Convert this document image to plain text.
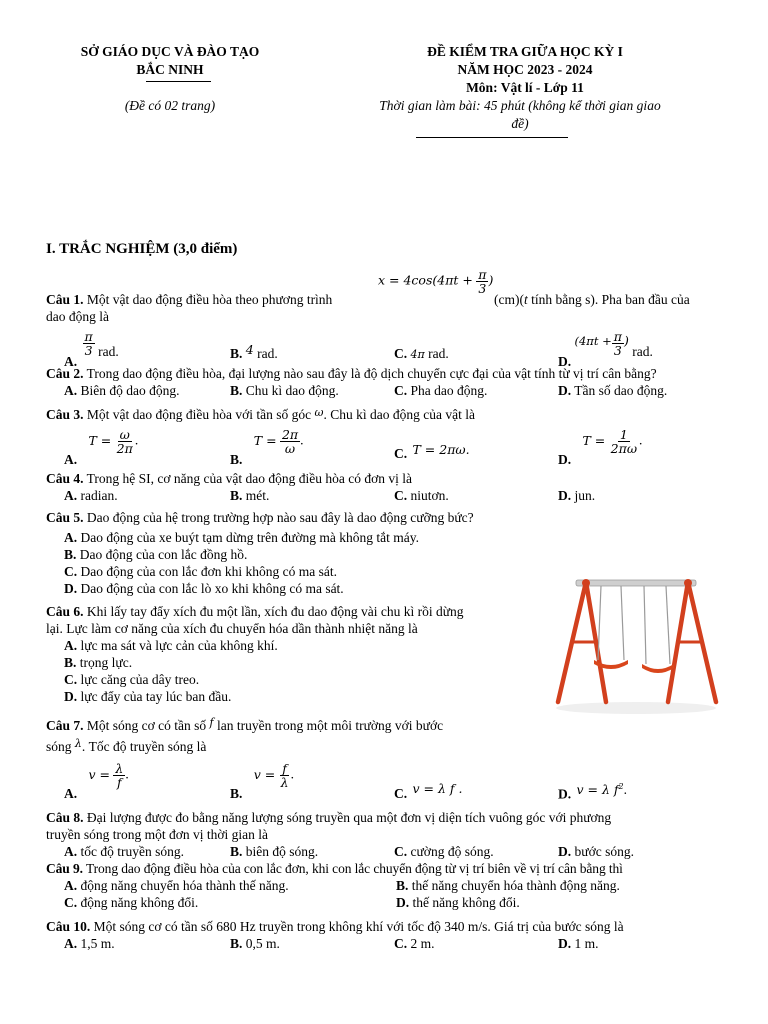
SỞ GIÁO DỤC VÀ ĐÀO TẠO
BẮC NINH
(Đề có 02 trang)
ĐỀ KIỂM TRA GIỮA HỌC KỲ I
NĂM HỌC 2023 - 2024
Môn: Vật lí - Lớp 11
Thời gian làm bài: 45 phút (không kể thời gian giao
đề)
I. TRẮC NGHIỆM (3,0 điểm)
$x = 4\cos(4\pi t + \frac{\pi}{3}$ )
Câu 1. Một vật dao động điều hòa theo phương trình	(cm)(t tính bằng s). Pha ban đầu của
dao động là
A.
$\frac{\pi}{3}$ rad.	B. 4 rad.	C. 4π rad.
D. ($4\pi t + \frac{\pi}{3}$ ) rad.
Câu 2. Trong dao động điều hòa, đại lượng nào sau đây là độ dịch chuyển cực đại của vật tính từ vị trí cân bằng?
A. Biên độ dao động.	B. Chu kì dao động.	C. Pha dao động.	D. Tần số dao động.
Câu 3. Một vật dao động điều hòa với tần số góc $^\omega$. Chu kì dao động của vật là
A. $T = \frac{\omega}{2\pi}$ .
B. $T = \frac{2\pi}{\omega}$ .
C. T = 2πω.
D. $T = \frac{1}{2\pi\omega}$ .
Câu 4. Trong hệ SI, cơ năng của vật dao động điều hòa có đơn vị là
A. radian.	B. mét.	C. niutơn.	D. jun.
Câu 5. Dao động của hệ trong trường hợp nào sau đây là dao động cưỡng bức?
A. Dao động của xe buýt tạm dừng trên đường mà không tắt máy.
B. Dao động của con lắc đồng hồ.
C. Dao động của con lắc đơn khi không có ma sát.
D. Dao động của con lắc lò xo khi không có ma sát.
Câu 6. Khi lấy tay đẩy xích đu một lần, xích đu dao động vài chu kì rồi dừng
lại. Lực làm cơ năng của xích đu chuyển hóa dần thành nhiệt năng là
A. lực ma sát và lực cản của không khí.
B. trọng lực.
C. lực căng của dây treo.
D. lực đẩy của tay lúc ban đầu.
Câu 7. Một sóng cơ có tần số $^f$ lan truyền trong một môi trường với bước
sóng $^\lambda$. Tốc độ truyền sóng là
A. $v = \frac{\lambda}{f}$ .
B. $v = \frac{f}{\lambda}$ .
C. v = λ f .	D. v = λ $f^2$.
Câu 8. Đại lượng được đo bằng năng lượng sóng truyền qua một đơn vị diện tích vuông góc với phương
truyền sóng trong một đơn vị thời gian là
A. tốc độ truyền sóng.	B. biên độ sóng.	C. cường độ sóng.	D. bước sóng.
Câu 9. Trong dao động điều hòa của con lắc đơn, khi con lắc chuyển động từ vị trí biên về vị trí cân bằng thì
A. động năng chuyển hóa thành thế năng.	B. thế năng chuyển hóa thành động năng.
C. động năng không đổi.	D. thế năng không đổi.
Câu 10. Một sóng cơ có tần số 680 Hz truyền trong không khí với tốc độ 340 m/s. Giá trị của bước sóng là
A. 1,5 m.	B. 0,5 m.	C. 2 m.	D. 1 m.
